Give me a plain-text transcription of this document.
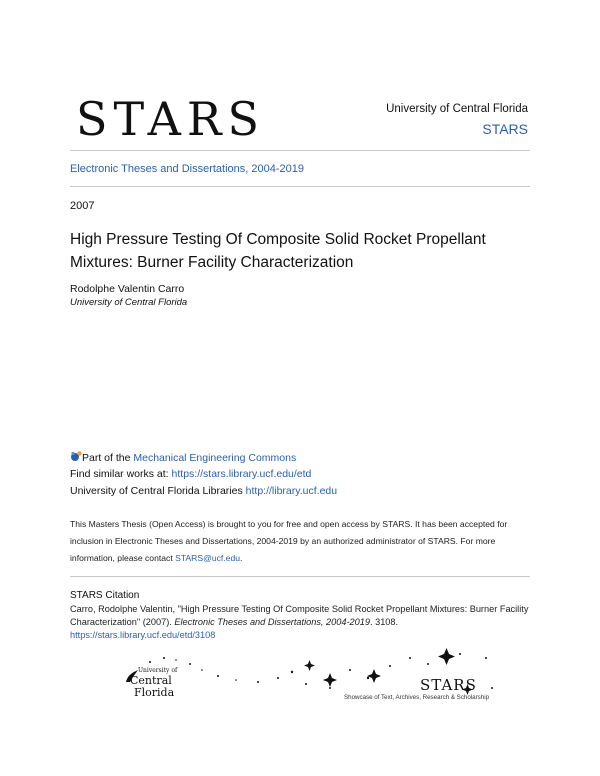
STARS	University of Central Florida
STARS
Electronic Theses and Dissertations, 2004-2019
2007
High Pressure Testing Of Composite Solid Rocket Propellant Mixtures: Burner Facility Characterization
Rodolphe Valentin Carro
University of Central Florida
Part of the Mechanical Engineering Commons
Find similar works at: https://stars.library.ucf.edu/etd
University of Central Florida Libraries http://library.ucf.edu
This Masters Thesis (Open Access) is brought to you for free and open access by STARS. It has been accepted for inclusion in Electronic Theses and Dissertations, 2004-2019 by an authorized administrator of STARS. For more information, please contact STARS@ucf.edu.
STARS Citation
Carro, Rodolphe Valentin, "High Pressure Testing Of Composite Solid Rocket Propellant Mixtures: Burner Facility Characterization" (2007). Electronic Theses and Dissertations, 2004-2019. 3108.
https://stars.library.ucf.edu/etd/3108
University of
Central
Florida	STARS
Showcase of Text, Archives, Research & Scholarship
